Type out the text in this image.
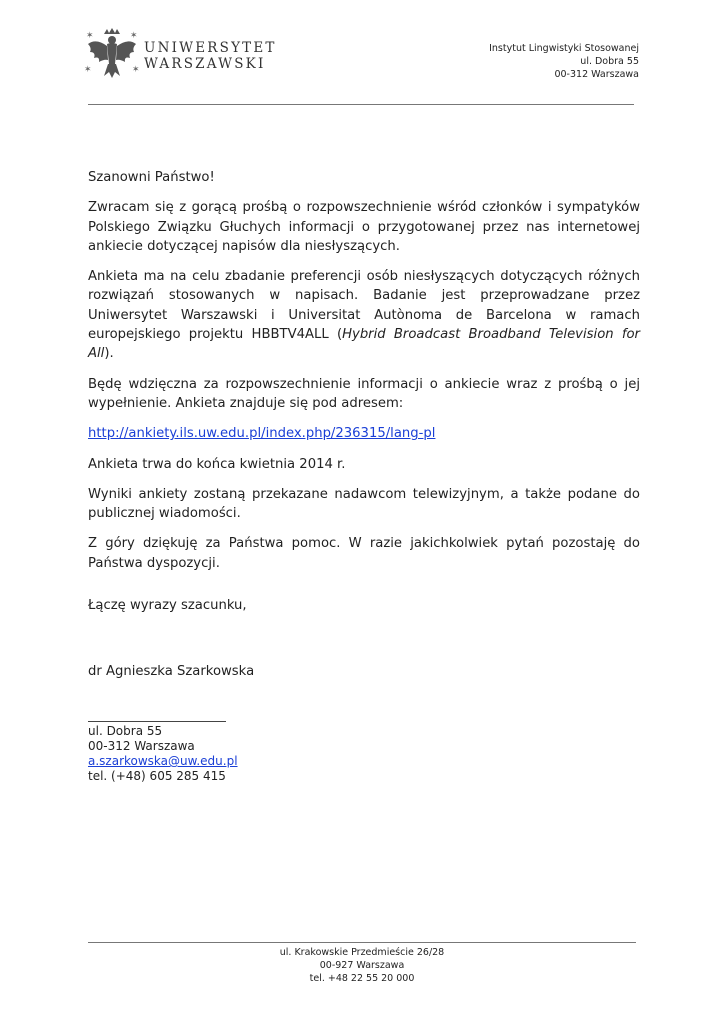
✶	✶
✶	✶
UNIWERSYTET
WARSZAWSKI
Instytut Lingwistyki Stosowanej
ul. Dobra 55
00-312 Warszawa

Szanowni Państwo!

Zwracam się z gorącą prośbą o rozpowszechnienie wśród członków i sympatyków Polskiego Związku Głuchych informacji o przygotowanej przez nas internetowej ankiecie dotyczącej napisów dla niesłyszących.

Ankieta ma na celu zbadanie preferencji osób niesłyszących dotyczących różnych rozwiązań stosowanych w napisach. Badanie jest przeprowadzane przez Uniwersytet Warszawski i Universitat Autònoma de Barcelona w ramach europejskiego projektu HBBTV4ALL (Hybrid Broadcast Broadband Television for All).

Będę wdzięczna za rozpowszechnienie informacji o ankiecie wraz z prośbą o jej wypełnienie. Ankieta znajduje się pod adresem:

http://ankiety.ils.uw.edu.pl/index.php/236315/lang-pl

Ankieta trwa do końca kwietnia 2014 r.

Wyniki ankiety zostaną przekazane nadawcom telewizyjnym, a także podane do publicznej wiadomości.

Z góry dziękuję za Państwa pomoc. W razie jakichkolwiek pytań pozostaję do Państwa dyspozycji.

Łączę wyrazy szacunku,
dr Agnieszka Szarkowska
ul. Dobra 55
00-312 Warszawa
a.szarkowska@uw.edu.pl
tel. (+48) 605 285 415
ul. Krakowskie Przedmieście 26/28
00-927 Warszawa
tel. +48 22 55 20 000
